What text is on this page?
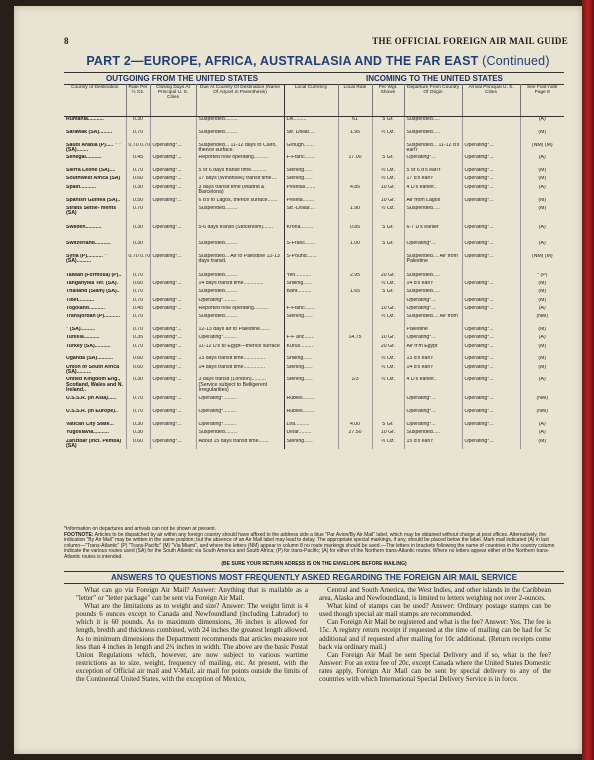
8	THE OFFICIAL FOREIGN AIR MAIL GUIDE
PART 2—EUROPE, AFRICA, AUSTRALASIA AND THE FAR EAST (Continued)
OUTGOING FROM THE UNITED STATES	INCOMING TO THE UNITED STATES
Country of Destination	Rate Per ½ Oz.	Closing Days At Principal U. S. Cities	Due At Country Of Destination (Name Of Airport in Parenthesis)	Local Currency	Local Rate	Per Wgt. Shown	Departure From Country Of Origin	Arrival Principal U. S. Cities	See Foot-note Page 8
Rumania...........	0.30		Suspended.........	Lei.........	61	5 Gr.	Suspended.....		(A)
Sarawak (SA).........	0.70		Suspended.........	Str. Dollar....	1.95	½ Oz.	Suspended.....		(M)
Saudi Arabia (P)..... " " (SA)........	0.70 0.70	Operating*...	Suspended... 11-12 days to Cairo, thence surface.	Grough.......			Suspended... 11-12 d's earl'r	Operating*...	(NM) (M)
Senegal...........	0.45	Operating*...	Reported now operating..........	F-Franc.......	17.00	5 Gr.	Operating*...	Operating*...	(A)
Sierra Leone (SA)....	0.70	Operating*...	5 or 6 days transit time...........	Sterling......		½ Oz.	5 or 6 d's earl'r	Operating*...	(M)
Southwest Africa (SA)	0.60	Operating*...	17 days (Windhoek) transit time....	Sterling......		½ Oz.	17 d's earl'r	Operating*...	(M)
Spain...........	0.30	Operating*...	3 days transit time (Madrid & Barcelona)	Pesetas.......	4.85	10 Gr.	4 D's earlier..	Operating*...	(A)
Spanish Guinea (SA)..	0.50	Operating*...	6 d's to Lagos, thence surface.......	Peseta........		10 Gr.	Air from Lagos	Operating*...	(M)
Straits Settle- ments (SA)	0.70		Suspended.........	Str.-Dollar....	1.90	½ Oz.	Suspended.....		(M)
Sweden...........	0.30	Operating*...	5-6 days transit (Stockholm).......	Krona.........	0.85	5 Gr.	6-7 D's earlier	Operating*...	(A)
Switzerland...........	0.30		Suspended.........	S-Franc.......	1.00	5 Gr.	Operating*...	Operating*...	(A)
Syria (P)........... " (SA)..........	0.70 0.70	Operating*...	Suspended... Air to Palestine 12-13 days transit.	S-Pound.......			Suspended.... Air from Palestine	Operating*...	(NM) (M)
Taiwan (Formosa) (P)..	0.70		Suspended.........	Yen...........	2.95	20 Gr.	Suspended.....		* (P)
Tanganyika Ter. (SA).	0.60	Operating*...	14 days transit time..............	Shilling......		½ Oz.	14 d's earl'r	Operating*...	(M)
Thailand (Siam) (SA)..	0.70		Suspended.........	Baht..........	1.65	5 Gr.	Suspended.....		(M)
Tibet...........	0.70	Operating*...	Operating*.........				Operating*...	Operating*...	(M)
Togoland...........	0.45	Operating*...	Reported now operating..........	F-Franc.......		10 Gr.	Operating*...	Operating*...	(A)
Transjordan (P)...........	0.70		Suspended.........	Sterling......		½ Oz.	Suspended.... Air from		(NM)
" (SA)..........	0.70	Operating*...	12-13 days air to Palestine.......				Palestine	Operating*...	(M)
Tunisia...........	0.35	Operating*...	Operating*.........	F-F anc.......	14.75	10 Gr.	Operating*...	Operating*...	(A)
Turkey (SA)...........	0.70	Operating*...	11-12 D's to Egypt—thence surface	Kurus.........		20 Gr.	Air fr'm Egypt	Operating*...	(M)
Uganda (SA)...........	0.60	Operating*...	13 days transit time...............	Shilling......		½ Oz.	13 d's earl'r	Operating*...	(M)
Union of South Africa (SA)..........	0.60	Operating*...	14 days transit time...............	Sterling......		½ Oz.	14 d's earl'r	Operating*...	(M)
United Kingdom Eng., Scotland, Wales and N. Ireland..	0.30	Operating*...	3 days transit (London).......... (Service subject to Belligerent Irregularities)	Sterling......	1/3	½ Oz.	4 D's earlier..	Operating*...	(A)
U.S.S.R. (In Asia)......	0.70	Operating*...	Operating*.........	Rubles........			Operating*...	Operating*...	(NM)
U.S.S.R. (In Europe)..	0.70	Operating*...	Operating*.........	Rubles........			Operating*...	Operating*...	(NM)
Vatican City State...	0.30	Operating*...	Operating*.........	Lira..........	4.00	5 Gr.	Operating*...	Operating*...	(A)
Yugoslavia...........	0.30		Suspended.........	Dinar.........	27.50	10 Gr.	Suspended.....		(A)
Zanzibar (incl. Pemba)(SA)	0.60	Operating*...	About 15 days transit time.......	Sterling......		½ Oz.	15 d's earl'r	Operating*...	(M)
*Information on departures and arrivals can not be shown at present.
FOOTNOTE: Articles to be dispatched by air within any foreign country should have affixed to the address side a blue "Par Avion/By Air Mail" label, which may be obtained without charge at post offices. Alternatively, the indication "By Air Mail" may be written in the same position; but the absence of an Air Mail label may lead to delay. The appropriate special markings, if any, should be placed below the label. Mark mail indicated (A) in last column—"Trans-Atlantic" (P) "Trans-Pacific" (M) "Via Miami", and where the letters (NM) appear in column 8 no route markings should be used.—The letters in brackets following the name of countries in the country column indicate the various routes used (SA) for the South Atlantic via South America and South Africa; (P) for trans-Pacific; (A) for either of the Northern trans-Atlantic routes. Where no letters appear either of the Northern trans-Atlantic routes is intended.
(BE SURE YOUR RETURN ADRESS IS ON THE ENVELOPE BEFORE MAILING)
ANSWERS TO QUESTIONS MOST FREQUENTLY ASKED REGARDING THE FOREIGN AIR MAIL SERVICE

What can go via Foreign Air Mail? Answer: Anything that is mailable as a "letter" or "letter package" can be sent via Foreign Air Mail.

What are the limitations as to weight and size? Answer: The weight limit is 4 pounds 6 ounces except to Canada and Newfoundland (including Labrador) to which it is 60 pounds. As to maximum dimensions, 36 inches is allowed for length, bredth and thickness combined, with 24 inches the greatest length allowed. As to minimum dimensions the Department recommends that articles measure not less than 4 inches in length and 2¾ inches in width. The above are the basic Postal Union Regulations which, however, are now subject to various wartime restrictions as to size, weight, frequency of mailing, etc. At present, with the exception of Official air mail and V-Mail, air mail for points outside the limits of the Continental United States, with the exception of Mexico,

Central and South America, the West Indies, and other islands in the Caribbean area, Alaska and Newfoundland, is limited to letters weighing not over 2-ounces.

What kind of stamps can be used? Answer: Ordinary postage stamps can be used though special air mail stamps are recommended.

Can Foreign Air Mail be registered and what is the fee? Answer: Yes. The fee is 15c. A registry return receipt if requested at the time of mailing can be had for 5c additional and if requested after mailing for 10c additional. (Return receipts come back via ordinary mail.)

Can Foreign Air Mail be sent Special Delivery and if so, what is the fee? Answer: For an extra fee of 20c, except Canada where the United States Domestic rates apply, Foreign Air Mail can be sent by special delivery to any of the countries with which International Special Delivery Service is in force.
